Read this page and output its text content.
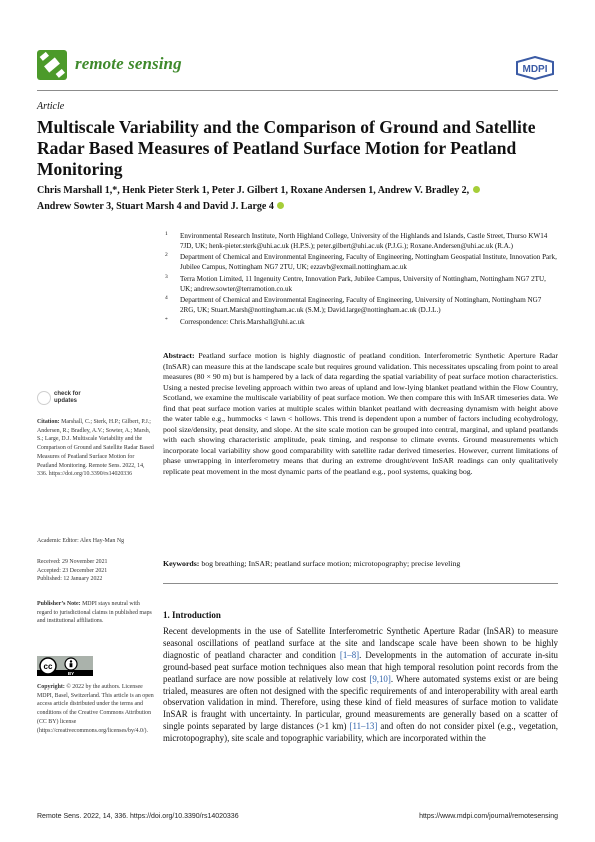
remote sensing	MDPI
Article
Multiscale Variability and the Comparison of Ground and Satellite Radar Based Measures of Peatland Surface Motion for Peatland Monitoring
Chris Marshall 1,*, Henk Pieter Sterk 1, Peter J. Gilbert 1, Roxane Andersen 1, Andrew V. Bradley 2,
Andrew Sowter 3, Stuart Marsh 4 and David J. Large 4
1 Environmental Research Institute, North Highland College, University of the Highlands and Islands, Castle Street, Thurso KW14 7JD, UK; henk-pieter.sterk@uhi.ac.uk (H.P.S.); peter.gilbert@uhi.ac.uk (P.J.G.); Roxane.Andersen@uhi.ac.uk (R.A.)
2 Department of Chemical and Environmental Engineering, Faculty of Engineering, Nottingham Geospatial Institute, Innovation Park, Jubilee Campus, Nottingham NG7 2TU, UK; ezzavb@exmail.nottingham.ac.uk
3 Terra Motion Limited, 11 Ingenuity Centre, Innovation Park, Jubilee Campus, University of Nottingham, Nottingham NG7 2TU, UK; andrew.sowter@terramotion.co.uk
4 Department of Chemical and Environmental Engineering, Faculty of Engineering, University of Nottingham, Nottingham NG7 2RG, UK; Stuart.Marsh@nottingham.ac.uk (S.M.); David.large@nottingham.ac.uk (D.J.L.)
* Correspondence: Chris.Marshall@uhi.ac.uk
Abstract: Peatland surface motion is highly diagnostic of peatland condition. Interferometric Synthetic Aperture Radar (InSAR) can measure this at the landscape scale but requires ground validation. This necessitates upscaling from point to areal measures (80 × 90 m) but is hampered by a lack of data regarding the spatial variability of peat surface motion characteristics. Using a nested precise leveling approach within two areas of upland and low-lying blanket peatland within the Flow Country, Scotland, we examine the multiscale variability of peat surface motion. We then compare this with InSAR timeseries data. We find that peat surface motion varies at multiple scales within blanket peatland with decreasing dynamism with height above the water table e.g., hummocks < lawn < hollows. This trend is dependent upon a number of factors including ecohydrology, pool size/density, peat density, and slope. At the site scale motion can be grouped into central, marginal, and upland peatlands with each showing characteristic amplitude, peak timing, and response to climate events. Ground measurements which incorporate local variability show good comparability with satellite radar derived timeseries. However, current limitations of phase unwrapping in interferometry means that during an extreme drought/event InSAR readings can only qualitatively replicate peat movement in the most dynamic parts of the peatland e.g., pool systems, quaking bog.
Keywords: bog breathing; InSAR; peatland surface motion; microtopography; precise leveling
1. Introduction
Recent developments in the use of Satellite Interferometric Synthetic Aperture Radar (InSAR) to measure seasonal oscillations of peatland surface at the site and landscape scale have been shown to be highly diagnostic of peatland character and condition [1–8]. Developments in the automation of accurate in-situ ground-based peat surface motion techniques also mean that high temporal resolution point records from the peatland surface are now possible at relatively low cost [9,10]. Where automated systems exist or are being trialed, measures are often not designed with the specific requirements of and interoperability with areal earth observation validation in mind. Therefore, using these kind of field measures of surface motion to validate InSAR is fraught with uncertainty. In particular, ground measurements are generally based on a scatter of single points separated by large distances (>1 km) [11–13] and often do not consider pixel (e.g., vegetation, microtopography), site scale and topographic variability, which are incorporated within the
check for
updates
Citation: Marshall, C.; Sterk, H.P.; Gilbert, P.J.; Andersen, R.; Bradley, A.V.; Sowter, A.; Marsh, S.; Large, D.J. Multiscale Variability and the Comparison of Ground and Satellite Radar Based Measures of Peatland Surface Motion for Peatland Monitoring. Remote Sens. 2022, 14, 336. https://doi.org/10.3390/rs14020336
Academic Editor: Alex Hay-Man Ng
Received: 29 November 2021
Accepted: 23 December 2021
Published: 12 January 2022
Publisher’s Note: MDPI stays neutral with regard to jurisdictional claims in published maps and institutional affiliations.
cc
BY
Copyright: © 2022 by the authors. Licensee MDPI, Basel, Switzerland. This article is an open access article distributed under the terms and conditions of the Creative Commons Attribution (CC BY) license (https://creativecommons.org/licenses/by/4.0/).
Remote Sens. 2022, 14, 336. https://doi.org/10.3390/rs14020336	https://www.mdpi.com/journal/remotesensing
